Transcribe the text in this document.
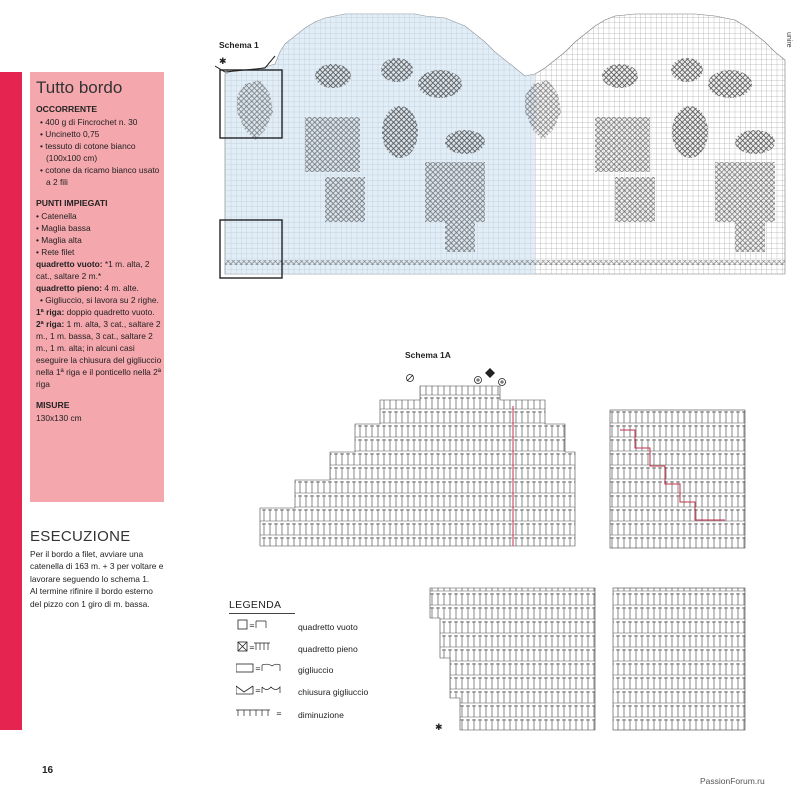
Tutto bordo
OCCORRENTE

• 400 g di Fincrochet n. 30

• Uncinetto 0,75

• tessuto di cotone bianco (100x100 cm)

• cotone da ricamo bianco usato a 2 fili

PUNTI IMPIEGATI

• Catenella

• Maglia bassa

• Maglia alta

• Rete filet

quadretto vuoto: *1 m. alta, 2 cat., saltare 2 m.*

quadretto pieno: 4 m. alte.

• Gigliuccio, si lavora su 2 righe.

1ª riga: doppio quadretto vuoto.

2ª riga: 1 m. alta, 3 cat., saltare 2 m., 1 m. bassa, 3 cat., saltare 2 m., 1 m. alta; in alcuni casi eseguire la chiusura del gigliuccio nella 1ª riga e il ponticello nella 2ª riga

MISURE

130x130 cm

ESECUZIONE
Per il bordo a filet, avviare una catenella di 163 m. + 3 per voltare e lavorare seguendo lo schema 1.
Al termine rifinire il bordo esterno del pizzo con 1 giro di m. bassa.
16
PassionForum.ru
Schema 1	unire
✱
Schema 1A
✱
LEGENDA
=
=
=
=
=
quadretto vuoto
quadretto pieno
gigliuccio
chiusura gigliuccio
diminuzione
